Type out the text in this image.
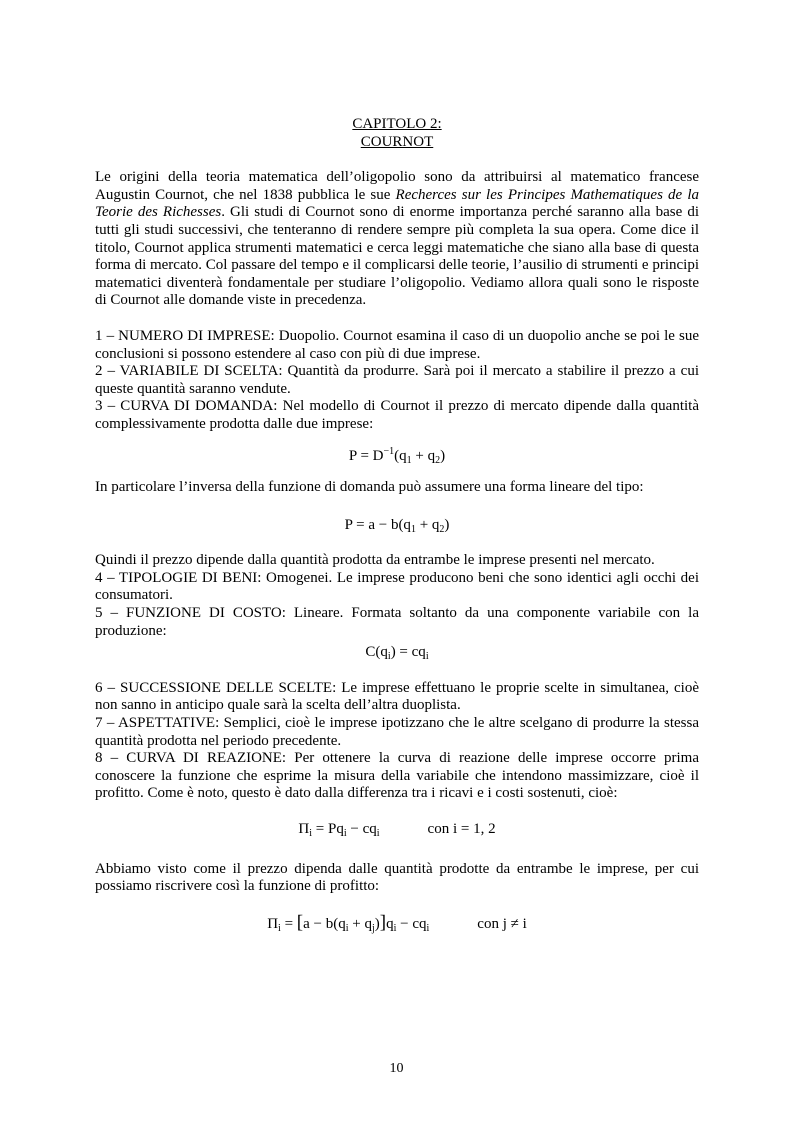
CAPITOLO 2:

COURNOT

Le origini della teoria matematica dell’oligopolio sono da attribuirsi al matematico francese Augustin Cournot, che nel 1838 pubblica le sue Recherces sur les Principes Mathematiques de la Teorie des Richesses. Gli studi di Cournot sono di enorme importanza perché saranno alla base di tutti gli studi successivi, che tenteranno di rendere sempre più completa la sua opera. Come dice il titolo, Cournot applica strumenti matematici e cerca leggi matematiche che siano alla base di questa forma di mercato. Col passare del tempo e il complicarsi delle teorie, l’ausilio di strumenti e principi matematici diventerà fondamentale per studiare l’oligopolio. Vediamo allora quali sono le risposte di Cournot alle domande viste in precedenza.

1 – NUMERO DI IMPRESE: Duopolio. Cournot esamina il caso di un duopolio anche se poi le sue conclusioni si possono estendere al caso con più di due imprese.

2 – VARIABILE DI SCELTA: Quantità da produrre. Sarà poi il mercato a stabilire il prezzo a cui queste quantità saranno vendute.

3 – CURVA DI DOMANDA: Nel modello di Cournot il prezzo di mercato dipende dalla quantità complessivamente prodotta dalle due imprese:

$P = D^{-1}(q_1 + q_2)$

In particolare l’inversa della funzione di domanda può assumere una forma lineare del tipo:

$P = a - b(q_1 + q_2)$

Quindi il prezzo dipende dalla quantità prodotta da entrambe le imprese presenti nel mercato.

4 – TIPOLOGIE DI BENI: Omogenei. Le imprese producono beni che sono identici agli occhi dei consumatori.

5 – FUNZIONE DI COSTO: Lineare. Formata soltanto da una componente variabile con la produzione:

$C(q_i) = cq_i$

6 – SUCCESSIONE DELLE SCELTE: Le imprese effettuano le proprie scelte in simultanea, cioè non sanno in anticipo quale sarà la scelta dell’altra duoplista.

7 – ASPETTATIVE: Semplici, cioè le imprese ipotizzano che le altre scelgano di produrre la stessa quantità prodotta nel periodo precedente.

8 – CURVA DI REAZIONE: Per ottenere la curva di reazione delle imprese occorre prima conoscere la funzione che esprime la misura della variabile che intendono massimizzare, cioè il profitto. Come è noto, questo è dato dalla differenza tra i ricavi e i costi sostenuti, cioè:

$\Pi_i = Pq_i - cq_i$	con i = 1, 2

Abbiamo visto come il prezzo dipenda dalle quantità prodotte da entrambe le imprese, per cui possiamo riscrivere così la funzione di profitto:

$\Pi_i = [a - b(q_i + q_j)]q_i - cq_i$	con j ≠ i

10
